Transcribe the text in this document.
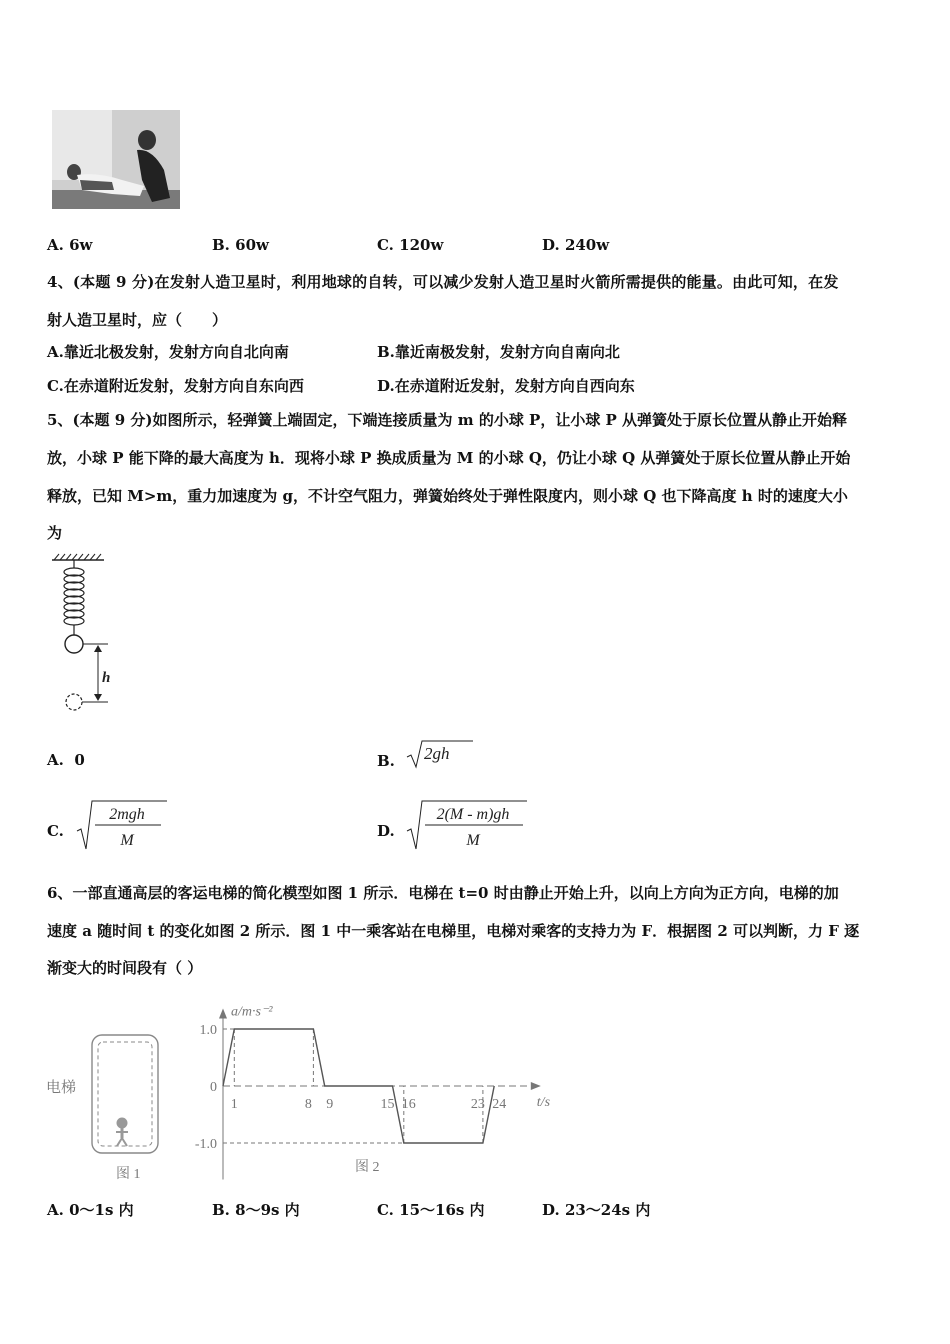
A. 6w	B. 60w	C. 120w	D. 240w
4、(本题 9 分)在发射人造卫星时，利用地球的自转，可以减少发射人造卫星时火箭所需提供的能量。由此可知，在发
射人造卫星时，应（　　）
A.靠近北极发射，发射方向自北向南	B.靠近南极发射，发射方向自南向北
C.在赤道附近发射，发射方向自东向西	D.在赤道附近发射，发射方向自西向东
5、(本题 9 分)如图所示，轻弹簧上端固定，下端连接质量为 m 的小球 P，让小球 P 从弹簧处于原长位置从静止开始释
放，小球 P 能下降的最大高度为 h．现将小球 P 换成质量为 M 的小球 Q，仍让小球 Q 从弹簧处于原长位置从静止开始
释放，已知 M>m，重力加速度为 g，不计空气阻力，弹簧始终处于弹性限度内，则小球 Q 也下降高度 h 时的速度大小
为
h
A. 0	B. 2gh
C.
2mgh
M
D.
2(M - m)gh
M
6、一部直通高层的客运电梯的简化模型如图 1 所示．电梯在 t=0 时由静止开始上升，以向上方向为正方向，电梯的加
速度 a 随时间 t 的变化如图 2 所示．图 1 中一乘客站在电梯里，电梯对乘客的支持力为 F．根据图 2 可以判断，力 F 逐
渐变大的时间段有（ ）
电梯
图 1
a/m·s⁻²
t/s
1.0
0
-1.0
1	8 9	15 16	23 24
图 2
A. 0～1s 内	B. 8～9s 内	C. 15～16s 内	D. 23～24s 内
